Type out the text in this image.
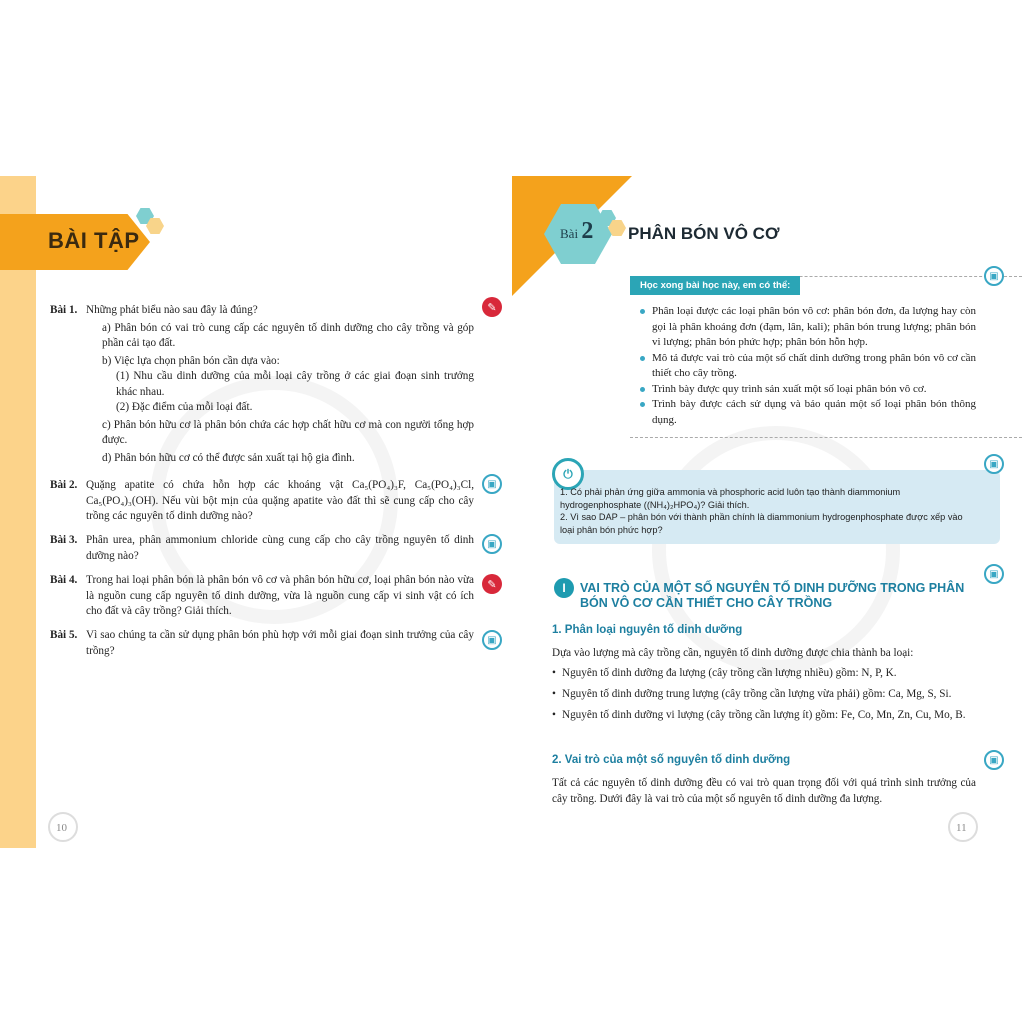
BÀI TẬP
Bài 1. Những phát biểu nào sau đây là đúng?
a) Phân bón có vai trò cung cấp các nguyên tố dinh dưỡng cho cây trồng và góp phần cải tạo đất.
b) Việc lựa chọn phân bón cần dựa vào:
(1) Nhu cầu dinh dưỡng của mỗi loại cây trồng ở các giai đoạn sinh trưởng khác nhau.
(2) Đặc điểm của mỗi loại đất.
c) Phân bón hữu cơ là phân bón chứa các hợp chất hữu cơ mà con người tổng hợp được.
d) Phân bón hữu cơ có thể được sản xuất tại hộ gia đình.
✎
Bài 2. Quặng apatite có chứa hỗn hợp các khoáng vật Ca₅(PO₄)₃F, Ca₅(PO₄)₃Cl, Ca₅(PO₄)₃(OH). Nếu vùi bột mịn của quặng apatite vào đất thì sẽ cung cấp cho cây trồng các nguyên tố dinh dưỡng nào?
▣
Bài 3. Phân urea, phân ammonium chloride cùng cung cấp cho cây trồng nguyên tố dinh dưỡng nào?
▣
Bài 4. Trong hai loại phân bón là phân bón vô cơ và phân bón hữu cơ, loại phân bón nào vừa là nguồn cung cấp nguyên tố dinh dưỡng, vừa là nguồn cung cấp vi sinh vật có ích cho đất và cây trồng? Giải thích.
✎
Bài 5. Vì sao chúng ta cần sử dụng phân bón phù hợp với mỗi giai đoạn sinh trưởng của cây trồng?
▣
10
Bài 2 PHÂN BÓN VÔ CƠ
Học xong bài học này, em có thể:
Phân loại được các loại phân bón vô cơ: phân bón đơn, đa lượng hay còn gọi là phân khoáng đơn (đạm, lân, kali); phân bón trung lượng; phân bón vi lượng; phân bón phức hợp; phân bón hỗn hợp.
Mô tả được vai trò của một số chất dinh dưỡng trong phân bón vô cơ cần thiết cho cây trồng.
Trình bày được quy trình sản xuất một số loại phân bón vô cơ.
Trình bày được cách sử dụng và bảo quản một số loại phân bón thông dụng.
▣
⏻
1. Có phải phản ứng giữa ammonia và phosphoric acid luôn tạo thành diammonium hydrogenphosphate ((NH₄)₂HPO₄)? Giải thích.
2. Vì sao DAP – phân bón với thành phần chính là diammonium hydrogenphosphate được xếp vào loại phân bón phức hợp?
▣
I	VAI TRÒ CỦA MỘT SỐ NGUYÊN TỐ DINH DƯỠNG TRONG PHÂN BÓN VÔ CƠ CẦN THIẾT CHO CÂY TRỒNG
▣
1. Phân loại nguyên tố dinh dưỡng
Dựa vào lượng mà cây trồng cần, nguyên tố dinh dưỡng được chia thành ba loại:
• Nguyên tố dinh dưỡng đa lượng (cây trồng cần lượng nhiều) gồm: N, P, K.
• Nguyên tố dinh dưỡng trung lượng (cây trồng cần lượng vừa phải) gồm: Ca, Mg, S, Si.
• Nguyên tố dinh dưỡng vi lượng (cây trồng cần lượng ít) gồm: Fe, Co, Mn, Zn, Cu, Mo, B.
2. Vai trò của một số nguyên tố dinh dưỡng	▣
Tất cả các nguyên tố dinh dưỡng đều có vai trò quan trọng đối với quá trình sinh trưởng của cây trồng. Dưới đây là vai trò của một số nguyên tố dinh dưỡng đa lượng.
11
